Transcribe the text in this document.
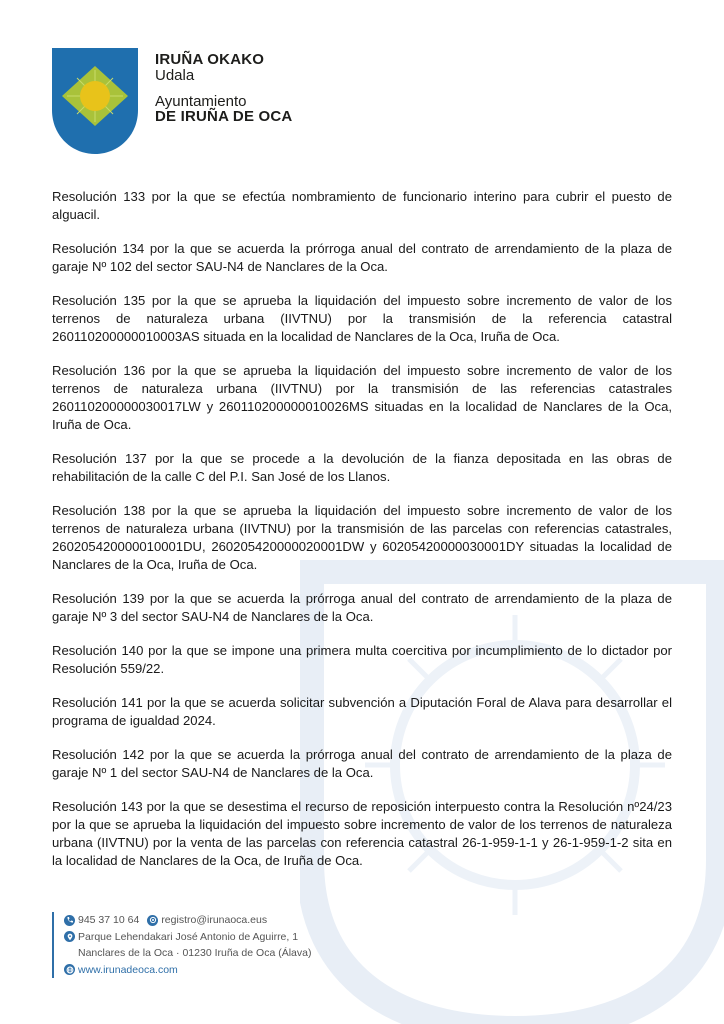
IRUÑA OKAKO
Udala
Ayuntamiento
DE IRUÑA DE OCA

Resolución 133 por la que se efectúa nombramiento de funcionario interino para cubrir el puesto de alguacil.

Resolución 134 por la que se acuerda la prórroga anual del contrato de arrendamiento de la plaza de garaje Nº 102 del sector SAU-N4 de Nanclares de la Oca.

Resolución 135 por la que se aprueba la liquidación del impuesto sobre incremento de valor de los terrenos de naturaleza urbana (IIVTNU) por la transmisión de la referencia catastral 260110200000010003AS situada en la localidad de Nanclares de la Oca, Iruña de Oca.

Resolución 136 por la que se aprueba la liquidación del impuesto sobre incremento de valor de los terrenos de naturaleza urbana (IIVTNU) por la transmisión de las referencias catastrales 260110200000030017LW y 260110200000010026MS situadas en la localidad de Nanclares de la Oca, Iruña de Oca.

Resolución 137 por la que se procede a la devolución de la fianza depositada en las obras de rehabilitación de la calle C del P.I. San José de los Llanos.

Resolución 138 por la que se aprueba la liquidación del impuesto sobre incremento de valor de los terrenos de naturaleza urbana (IIVTNU) por la transmisión de las parcelas con referencias catastrales, 260205420000010001DU, 260205420000020001DW y 60205420000030001DY situadas la localidad de Nanclares de la Oca, Iruña de Oca.

Resolución 139 por la que se acuerda la prórroga anual del contrato de arrendamiento de la plaza de garaje Nº 3 del sector SAU-N4 de Nanclares de la Oca.

Resolución 140 por la que se impone una primera multa coercitiva por incumplimiento de lo dictador por Resolución 559/22.

Resolución 141 por la que se acuerda solicitar subvención a Diputación Foral de Alava para desarrollar el programa de igualdad 2024.

Resolución 142 por la que se acuerda la prórroga anual del contrato de arrendamiento de la plaza de garaje Nº 1 del sector SAU-N4 de Nanclares de la Oca.

Resolución 143 por la que se desestima el recurso de reposición interpuesto contra la Resolución nº24/23 por la que se aprueba la liquidación del impuesto sobre incremento de valor de los terrenos de naturaleza urbana (IIVTNU) por la venta de las parcelas con referencia catastral 26-1-959-1-1 y 26-1-959-1-2 sita en la localidad de Nanclares de la Oca, de Iruña de Oca.

945 37 10 64 registro@irunaoca.eus
Parque Lehendakari José Antonio de Aguirre, 1
Nanclares de la Oca · 01230 Iruña de Oca (Álava)
www.irunadeoca.com
